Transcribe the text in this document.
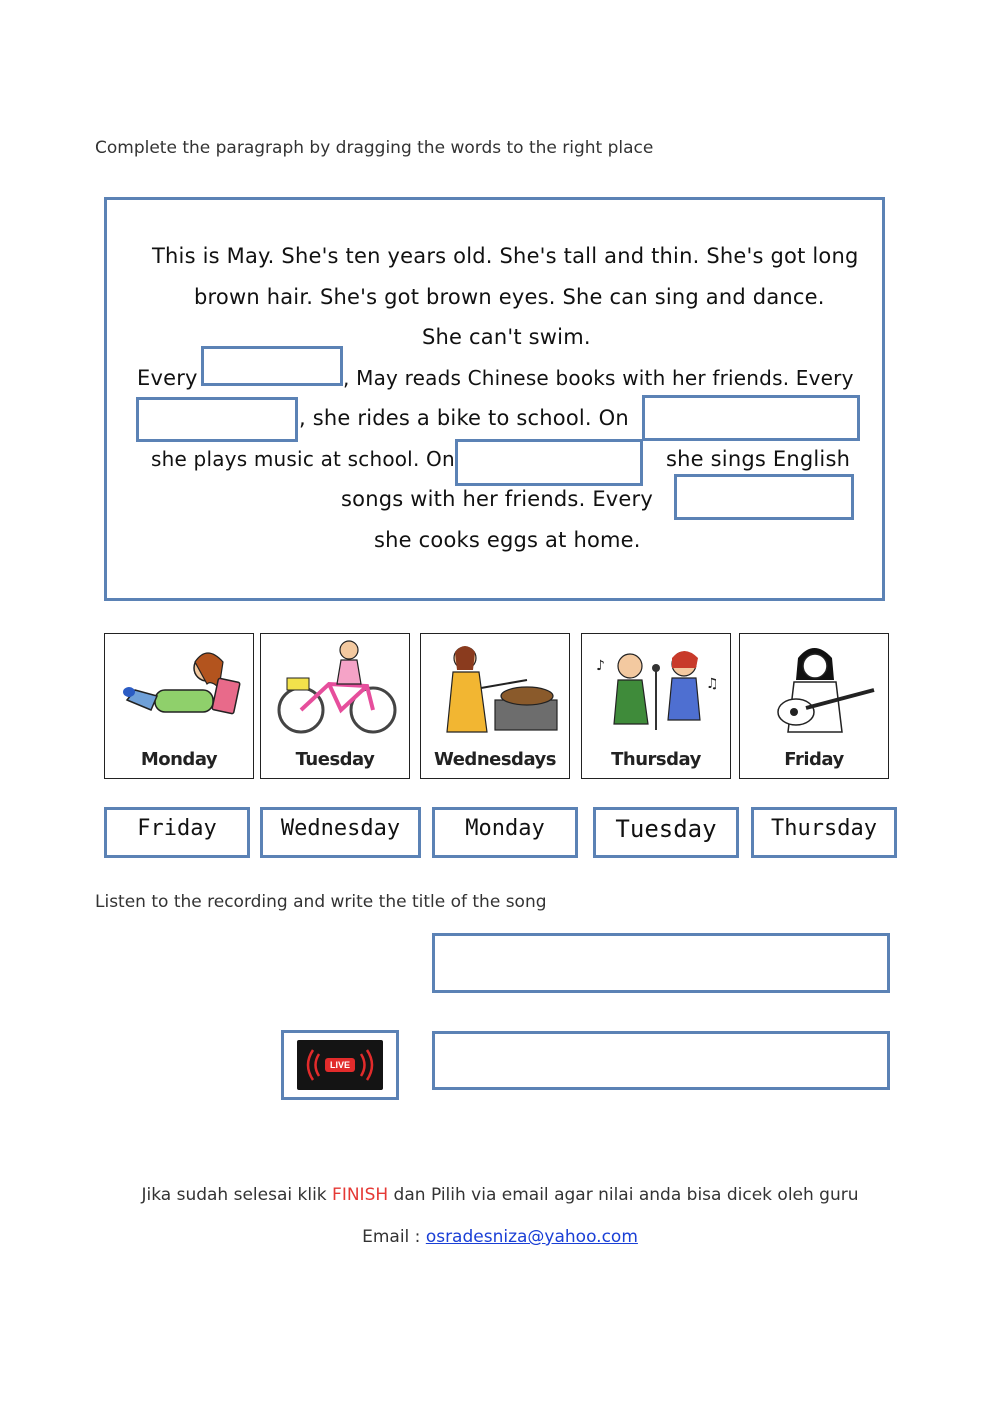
Complete the paragraph by dragging the words to the right place
This is May. She's ten years old. She's tall and thin. She's got long
brown hair. She's got brown eyes. She can sing and dance.
She can't swim.
Every	, May reads Chinese books with her friends. Every
, she rides a bike to school. On
she plays music at school. On	she sings English
songs with her friends. Every
she cooks eggs at home.
Monday	Tuesday	Wednesdays
♪
♫
Thursday	Friday
Friday	Wednesday	Monday	Tuesday	Thursday
Listen to the recording and write the title of the song
LIVE
Jika sudah selesai klik FINISH dan Pilih via email agar nilai anda bisa dicek oleh guru
Email : osradesniza@yahoo.com
